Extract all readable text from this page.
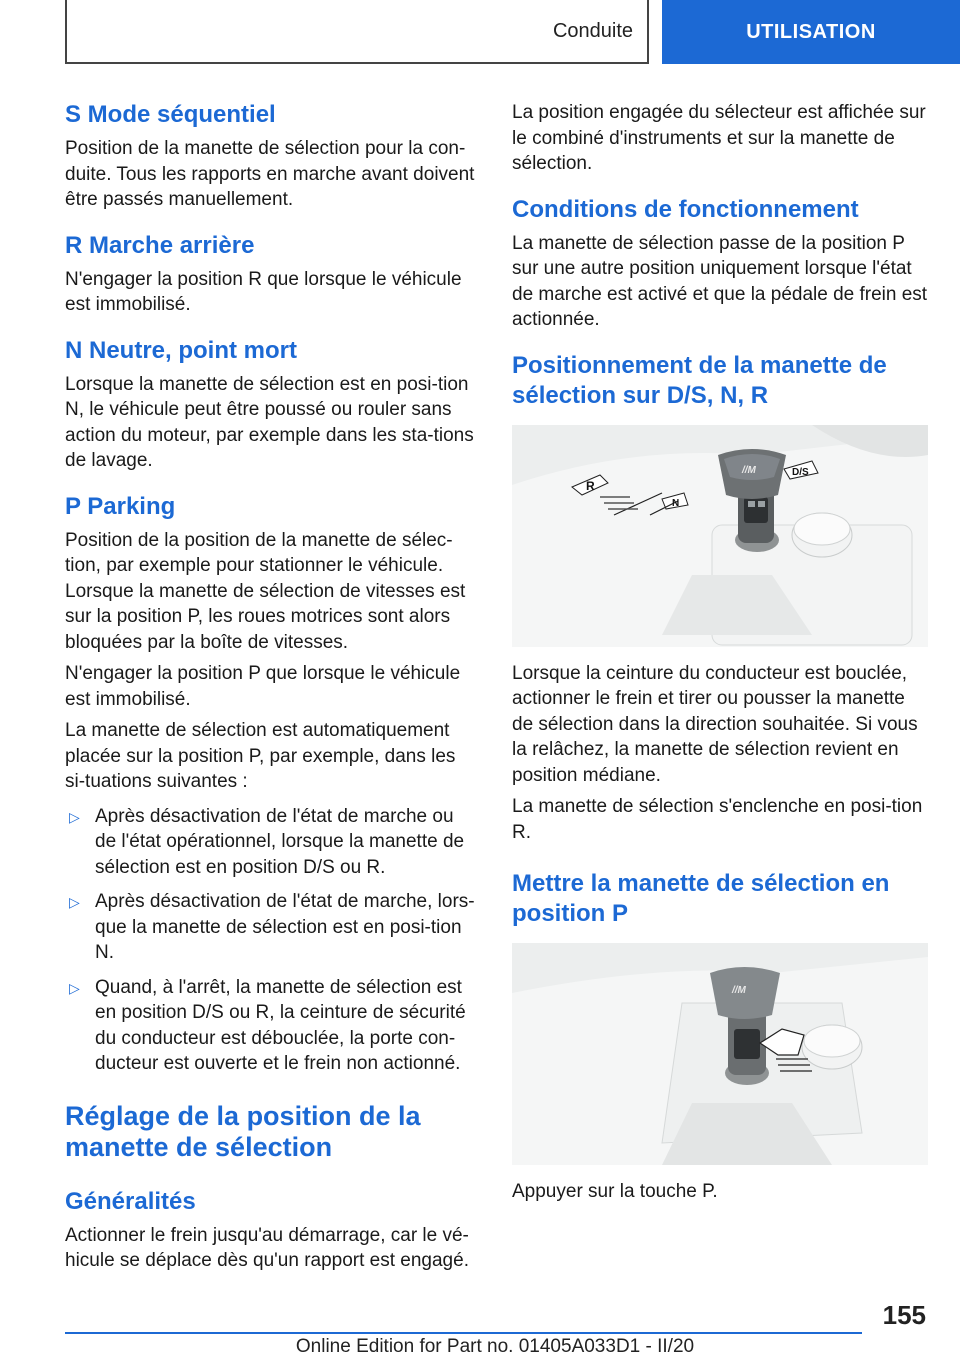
Conduite	UTILISATION
S Mode séquentiel

Position de la manette de sélection pour la con-duite. Tous les rapports en marche avant doivent être passés manuellement.

R Marche arrière

N'engager la position R que lorsque le véhicule est immobilisé.

N Neutre, point mort

Lorsque la manette de sélection est en posi-tion N, le véhicule peut être poussé ou rouler sans action du moteur, par exemple dans les sta-tions de lavage.

P Parking

Position de la position de la manette de sélec-tion, par exemple pour stationner le véhicule. Lorsque la manette de sélection de vitesses est sur la position P, les roues motrices sont alors bloquées par la boîte de vitesses.

N'engager la position P que lorsque le véhicule est immobilisé.

La manette de sélection est automatiquement placée sur la position P, par exemple, dans les si-tuations suivantes :

▷ Après désactivation de l'état de marche ou de l'état opérationnel, lorsque la manette de sélection est en position D/S ou R.
▷ Après désactivation de l'état de marche, lors-que la manette de sélection est en posi-tion N.
▷ Quand, à l'arrêt, la manette de sélection est en position D/S ou R, la ceinture de sécurité du conducteur est débouclée, la porte con-ducteur est ouverte et le frein non actionné.
Réglage de la position de la manette de sélection
Généralités

Actionner le frein jusqu'au démarrage, car le vé-hicule se déplace dès qu'un rapport est engagé.

La position engagée du sélecteur est affichée sur le combiné d'instruments et sur la manette de sélection.

Conditions de fonctionnement

La manette de sélection passe de la position P sur une autre position uniquement lorsque l'état de marche est activé et que la pédale de frein est actionnée.

Positionnement de la manette de sélection sur D/S, N, R
//M
R
N
D/S

Lorsque la ceinture du conducteur est bouclée, actionner le frein et tirer ou pousser la manette de sélection dans la direction souhaitée. Si vous la relâchez, la manette de sélection revient en position médiane.

La manette de sélection s'enclenche en posi-tion R.

Mettre la manette de sélection en position P
//M

Appuyer sur la touche P.

155
Online Edition for Part no. 01405A033D1 - II/20
